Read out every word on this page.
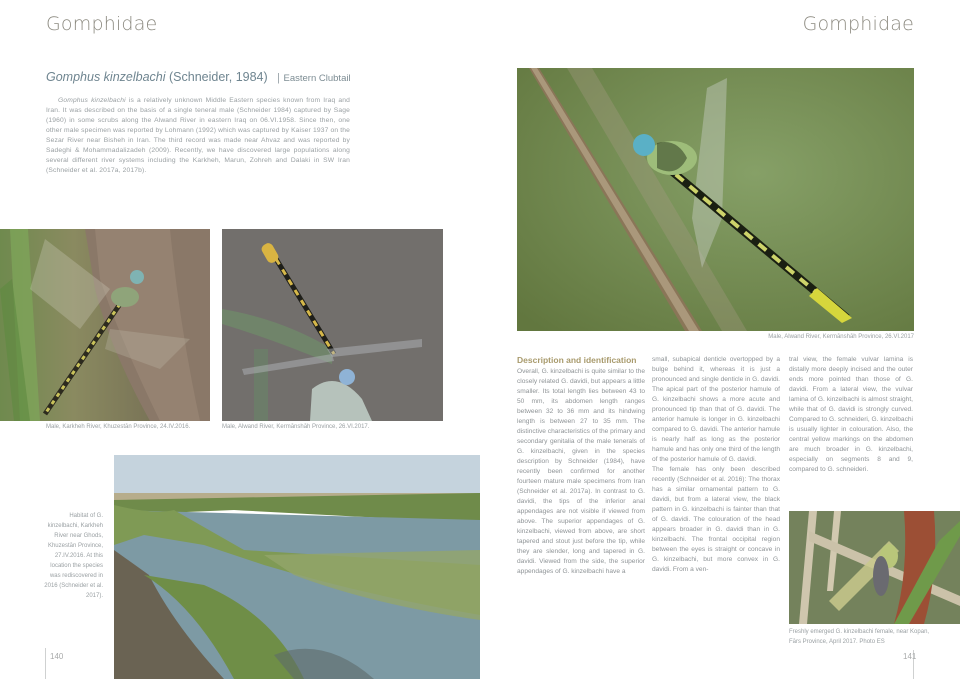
Gomphidae
Gomphus kinzelbachi (Schneider, 1984) | Eastern Clubtail

Gomphus kinzelbachi is a relatively unknown Middle Eastern species known from Iraq and Iran. It was described on the basis of a single teneral male (Schneider 1984) captured by Sage (1960) in some scrubs along the Alwand River in eastern Iraq on 06.VI.1958. Since then, one other male specimen was reported by Lohmann (1992) which was captured by Kaiser 1937 on the Sezar River near Bisheh in Iran. The third record was made near Ahvaz and was reported by Sadeghi & Mohammadalizadeh (2009). Recently, we have discovered large populations along several different river systems including the Karkheh, Marun, Zohreh and Dalaki in SW Iran (Schneider et al. 2017a, 2017b).

Male, Karkheh River, Khuzestān Province, 24.IV.2016.	Male, Alwand River, Kermānshāh Province, 26.VI.2017.
Habitat of G. kinzelbachi, Karkheh River near Ghods, Khuzestān Province, 27.IV.2016. At this location the species was rediscovered in 2016 (Schneider et al. 2017).
140
Gomphidae
Male, Alwand River, Kermānshāh Province, 26.VI.2017
Description and identification

Overall, G. kinzelbachi is quite similar to the closely related G. davidi, but appears a little smaller. Its total length lies between 43 to 50 mm, its abdomen length ranges between 32 to 36 mm and its hindwing length is between 27 to 35 mm. The distinctive characteristics of the primary and secondary genitalia of the male tenerals of G. kinzelbachi, given in the species description by Schneider (1984), have recently been confirmed for another fourteen mature male specimens from Iran (Schneider et al. 2017a). In contrast to G. davidi, the tips of the inferior anal appendages are not visible if viewed from above. The superior appendages of G. kinzelbachi, viewed from above, are short tapered and stout just before the tip, while they are slender, long and tapered in G. davidi. Viewed from the side, the superior appendages of G. kinzelbachi have a

small, subapical denticle overtopped by a bulge behind it, whereas it is just a pronounced and single denticle in G. davidi. The apical part of the posterior hamule of G. kinzelbachi shows a more acute and pronounced tip than that of G. davidi. The anterior hamule is longer in G. kinzelbachi compared to G. davidi. The anterior hamule is nearly half as long as the posterior hamule and has only one third of the length of the posterior hamule of G. davidi.

The female has only been described recently (Schneider et al. 2016): The thorax has a similar ornamental pattern to G. davidi, but from a lateral view, the black pattern in G. kinzelbachi is fainter than that of G. davidi. The colouration of the head appears broader in G. davidi than in G. kinzelbachi. The frontal occipital region between the eyes is straight or concave in G. kinzelbachi, but more convex in G. davidi. From a ven-

tral view, the female vulvar lamina is distally more deeply incised and the outer ends more pointed than those of G. davidi. From a lateral view, the vulvar lamina of G. kinzelbachi is almost straight, while that of G. davidi is strongly curved. Compared to G. schneideri, G. kinzelbachi is usually lighter in colouration. Also, the central yellow markings on the abdomen are much broader in G. kinzelbachi, especially on segments 8 and 9, compared to G. schneideri.

Freshly emerged G. kinzelbachi female, near Kopan, Fārs Province, April 2017. Photo ES
141
